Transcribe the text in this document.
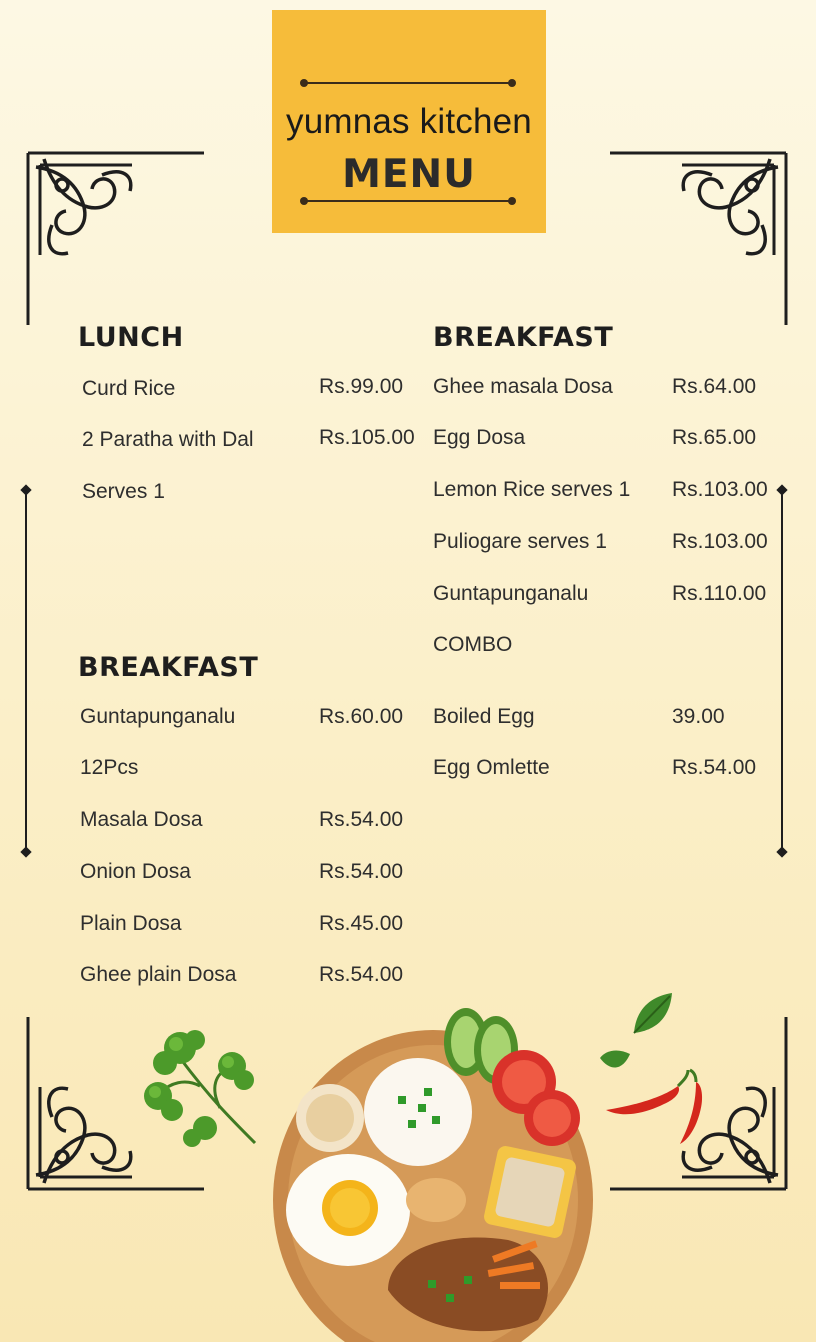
yumnas kitchen
MENU
LUNCH
Curd Rice	Rs.99.00
2 Paratha with Dal	Rs.105.00
Serves 1
BREAKFAST
Guntapunganalu	Rs.60.00
12Pcs
Masala Dosa	Rs.54.00
Onion Dosa	Rs.54.00
Plain Dosa	Rs.45.00
Ghee plain Dosa	Rs.54.00
BREAKFAST
Ghee masala Dosa	Rs.64.00
Egg Dosa	Rs.65.00
Lemon Rice serves 1 Rs.103.00
Puliogare serves 1	Rs.103.00
Guntapunganalu	Rs.110.00
COMBO
Boiled Egg	39.00
Egg Omlette	Rs.54.00
